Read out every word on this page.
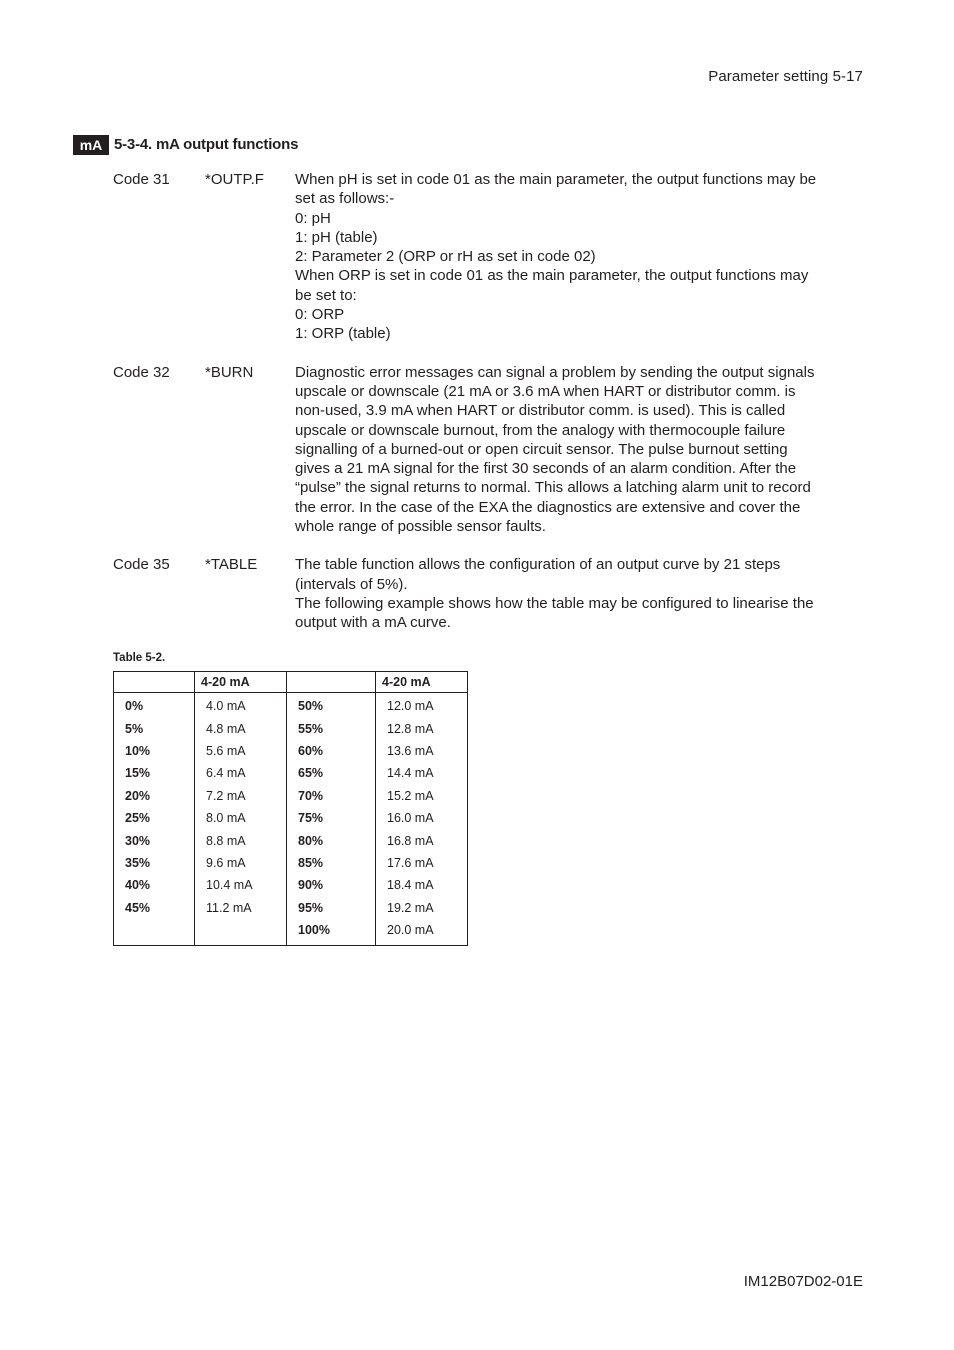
Parameter setting 5-17
mA 5-3-4. mA output functions
Code 31 *OUTP.F When pH is set in code 01 as the main parameter, the output functions may be
set as follows:-
0: pH
1: pH (table)
2: Parameter 2 (ORP or rH as set in code 02)
When ORP is set in code 01 as the main parameter, the output functions may
be set to:
0: ORP
1: ORP (table)
Code 32 *BURN	Diagnostic error messages can signal a problem by sending the output signals
upscale or downscale (21 mA or 3.6 mA when HART or distributor comm. is
non-used, 3.9 mA when HART or distributor comm. is used). This is called
upscale or downscale burnout, from the analogy with thermocouple failure
signalling of a burned-out or open circuit sensor. The pulse burnout setting
gives a 21 mA signal for the first 30 seconds of an alarm condition. After the
“pulse” the signal returns to normal. This allows a latching alarm unit to record
the error. In the case of the EXA the diagnostics are extensive and cover the
whole range of possible sensor faults.
Code 35 *TABLE	The table function allows the configuration of an output curve by 21 steps
(intervals of 5%).
The following example shows how the table may be configured to linearise the
output with a mA curve.
Table 5-2.
	4-20 mA		4-20 mA
0%	4.0 mA	50%	12.0 mA
5%	4.8 mA	55%	12.8 mA
10%	5.6 mA	60%	13.6 mA
15%	6.4 mA	65%	14.4 mA
20%	7.2 mA	70%	15.2 mA
25%	8.0 mA	75%	16.0 mA
30%	8.8 mA	80%	16.8 mA
35%	9.6 mA	85%	17.6 mA
40%	10.4 mA	90%	18.4 mA
45%	11.2 mA	95%	19.2 mA
		100%	20.0 mA
IM12B07D02-01E
